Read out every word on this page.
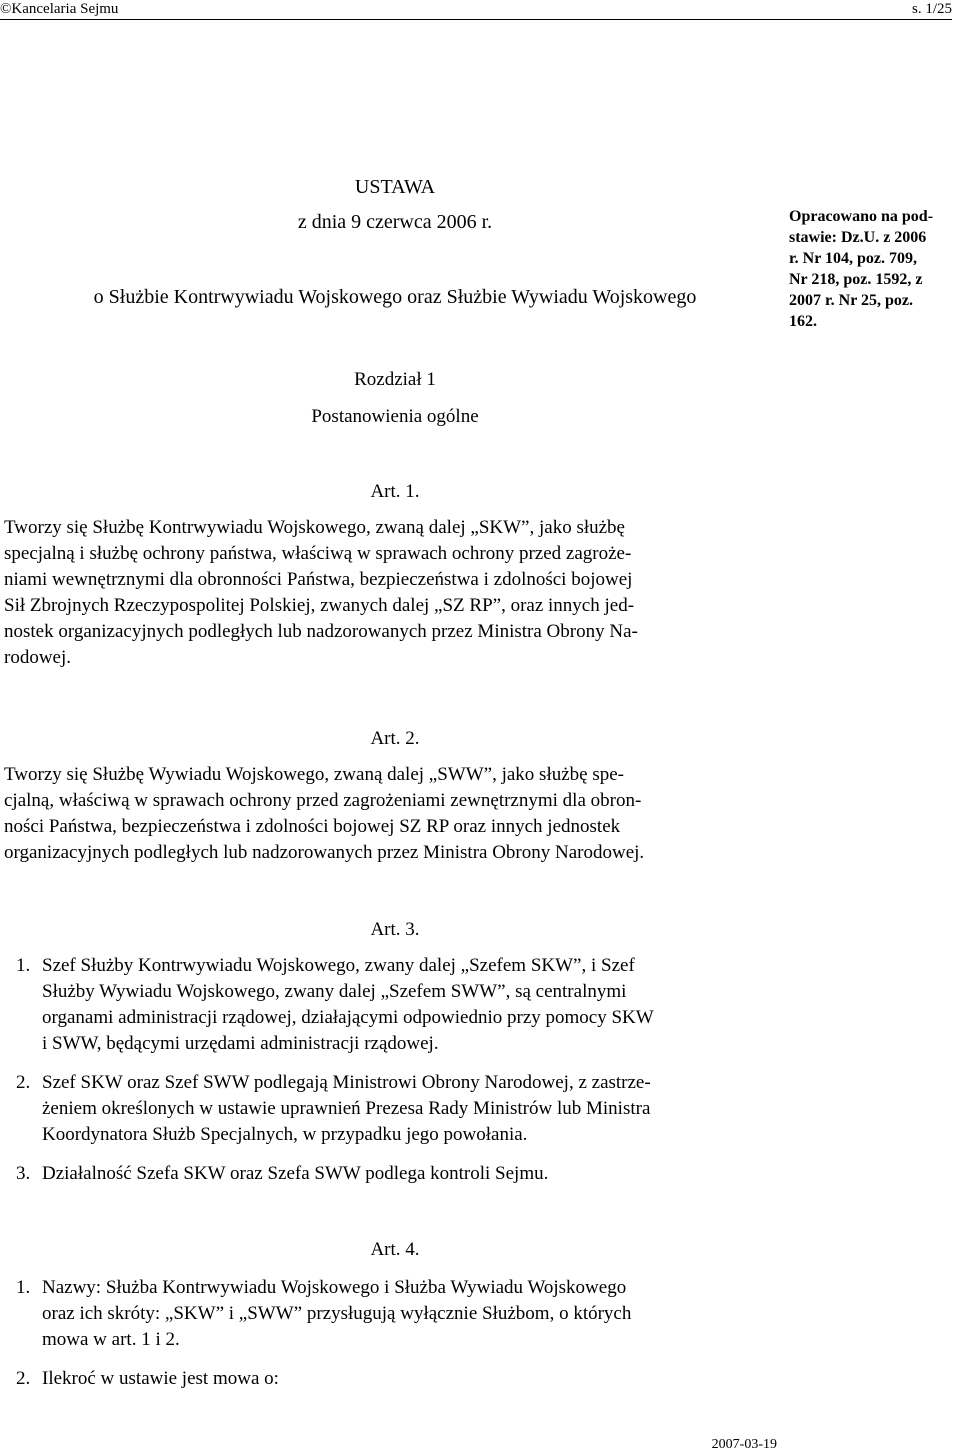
©Kancelaria Sejmu	s. 1/25
USTAWA
z dnia 9 czerwca 2006 r.
o Służbie Kontrwywiadu Wojskowego oraz Służbie Wywiadu Wojskowego
Opracowano na pod-
stawie: Dz.U. z 2006
r. Nr 104, poz. 709,
Nr 218, poz. 1592, z
2007 r. Nr 25, poz.
162.
Rozdział 1
Postanowienia ogólne
Art. 1.
Tworzy się Służbę Kontrwywiadu Wojskowego, zwaną dalej „SKW”, jako służbę
specjalną i służbę ochrony państwa, właściwą w sprawach ochrony przed zagroże-
niami wewnętrznymi dla obronności Państwa, bezpieczeństwa i zdolności bojowej
Sił Zbrojnych Rzeczypospolitej Polskiej, zwanych dalej „SZ RP”, oraz innych jed-
nostek organizacyjnych podległych lub nadzorowanych przez Ministra Obrony Na-
rodowej.
Art. 2.
Tworzy się Służbę Wywiadu Wojskowego, zwaną dalej „SWW”, jako służbę spe-
cjalną, właściwą w sprawach ochrony przed zagrożeniami zewnętrznymi dla obron-
ności Państwa, bezpieczeństwa i zdolności bojowej SZ RP oraz innych jednostek
organizacyjnych podległych lub nadzorowanych przez Ministra Obrony Narodowej.
Art. 3.
1. Szef Służby Kontrwywiadu Wojskowego, zwany dalej „Szefem SKW”, i Szef
Służby Wywiadu Wojskowego, zwany dalej „Szefem SWW”, są centralnymi
organami administracji rządowej, działającymi odpowiednio przy pomocy SKW
i SWW, będącymi urzędami administracji rządowej.
2. Szef SKW oraz Szef SWW podlegają Ministrowi Obrony Narodowej, z zastrze-
żeniem określonych w ustawie uprawnień Prezesa Rady Ministrów lub Ministra
Koordynatora Służb Specjalnych, w przypadku jego powołania.
3. Działalność Szefa SKW oraz Szefa SWW podlega kontroli Sejmu.
Art. 4.
1. Nazwy: Służba Kontrwywiadu Wojskowego i Służba Wywiadu Wojskowego
oraz ich skróty: „SKW” i „SWW” przysługują wyłącznie Służbom, o których
mowa w art. 1 i 2.
2. Ilekroć w ustawie jest mowa o:
2007-03-19
